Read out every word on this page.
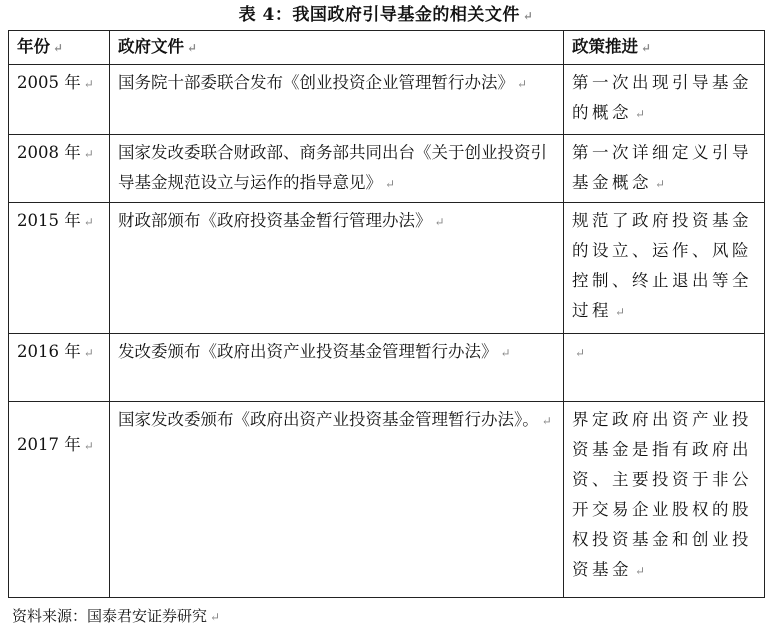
表 4：我国政府引导基金的相关文件 ↵
年份 ↵	政府文件 ↵	政策推进 ↵
2005 年 ↵	国务院十部委联合发布《创业投资企业管理暂行办法》 ↵	第一次出现引导基金的概念 ↵
2008 年 ↵	国家发改委联合财政部、商务部共同出台《关于创业投资引导基金规范设立与运作的指导意见》 ↵	第一次详细定义引导基金概念 ↵
2015 年 ↵	财政部颁布《政府投资基金暂行管理办法》 ↵	规范了政府投资基金的设立、运作、风险控制、终止退出等全过程 ↵
2016 年 ↵	发改委颁布《政府出资产业投资基金管理暂行办法》 ↵	↵
2017 年 ↵	国家发改委颁布《政府出资产业投资基金管理暂行办法》。 ↵	界定政府出资产业投资基金是指有政府出资、主要投资于非公开交易企业股权的股权投资基金和创业投资基金 ↵
资料来源：国泰君安证券研究 ↵
